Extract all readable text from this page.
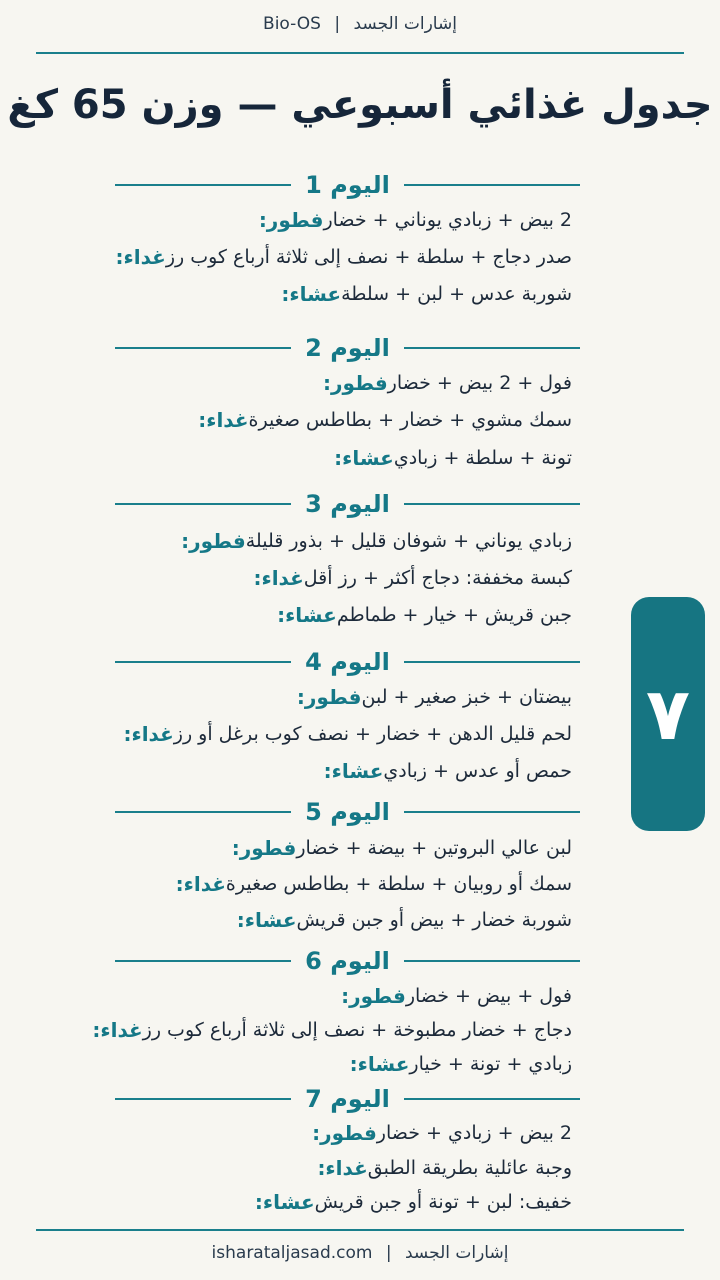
Bio-OS | إشارات الجسد
جدول غذائي أسبوعي — وزن 65 كغ
اليوم 1
فطور: 2 بيض + زبادي يوناني + خضار
غداء: صدر دجاج + سلطة + نصف إلى ثلاثة أرباع كوب رز
عشاء: شوربة عدس + لبن + سلطة
اليوم 2
فطور: فول + 2 بيض + خضار
غداء: سمك مشوي + خضار + بطاطس صغيرة
عشاء: تونة + سلطة + زبادي
اليوم 3
فطور: زبادي يوناني + شوفان قليل + بذور قليلة
غداء: كبسة مخففة: دجاج أكثر + رز أقل
عشاء: جبن قريش + خيار + طماطم
اليوم 4
فطور: بيضتان + خبز صغير + لبن
غداء: لحم قليل الدهن + خضار + نصف كوب برغل أو رز
عشاء: حمص أو عدس + زبادي
اليوم 5
فطور: لبن عالي البروتين + بيضة + خضار
غداء: سمك أو روبيان + سلطة + بطاطس صغيرة
عشاء: شوربة خضار + بيض أو جبن قريش
اليوم 6
فطور: فول + بيض + خضار
غداء: دجاج + خضار مطبوخة + نصف إلى ثلاثة أرباع كوب رز
عشاء: زبادي + تونة + خيار
اليوم 7
فطور: 2 بيض + زبادي + خضار
غداء: وجبة عائلية بطريقة الطبق
عشاء: خفيف: لبن + تونة أو جبن قريش
٧
isharataljasad.com | إشارات الجسد
